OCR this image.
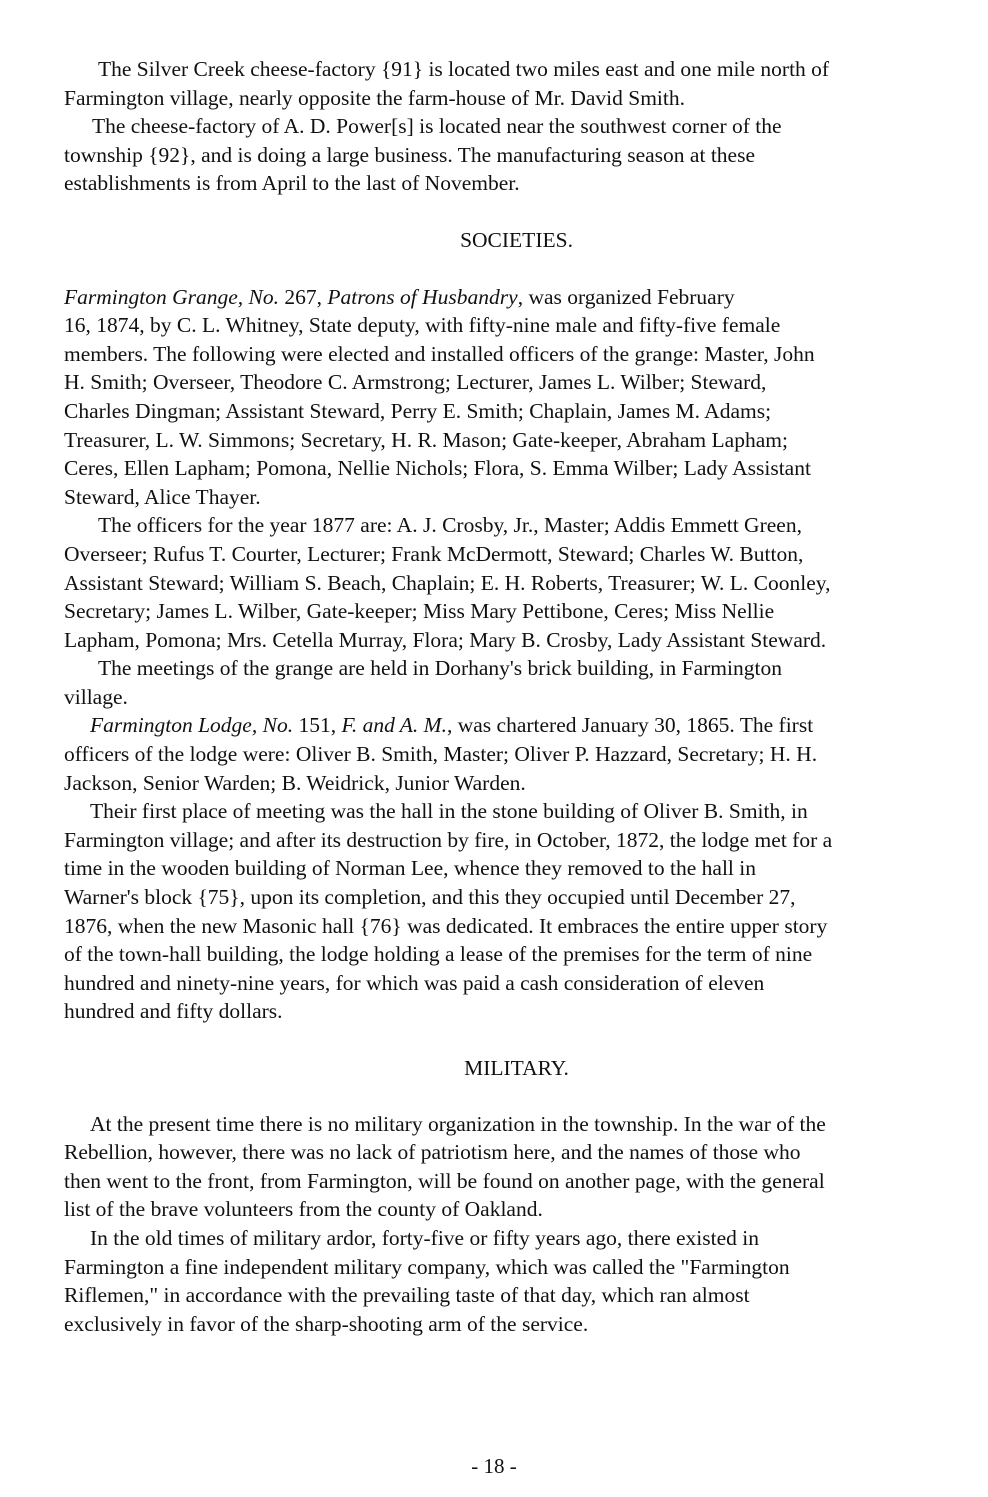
The Silver Creek cheese-factory {91} is located two miles east and one mile north of
Farmington village, nearly opposite the farm-house of Mr. David Smith.
The cheese-factory of A. D. Power[s] is located near the southwest corner of the
township {92}, and is doing a large business. The manufacturing season at these
establishments is from April to the last of November.
SOCIETIES.
Farmington Grange, No. 267, Patrons of Husbandry, was organized February
16, 1874, by C. L. Whitney, State deputy, with fifty-nine male and fifty-five female
members. The following were elected and installed officers of the grange: Master, John
H. Smith; Overseer, Theodore C. Armstrong; Lecturer, James L. Wilber; Steward,
Charles Dingman; Assistant Steward, Perry E. Smith; Chaplain, James M. Adams;
Treasurer, L. W. Simmons; Secretary, H. R. Mason; Gate-keeper, Abraham Lapham;
Ceres, Ellen Lapham; Pomona, Nellie Nichols; Flora, S. Emma Wilber; Lady Assistant
Steward, Alice Thayer.
The officers for the year 1877 are: A. J. Crosby, Jr., Master; Addis Emmett Green,
Overseer; Rufus T. Courter, Lecturer; Frank McDermott, Steward; Charles W. Button,
Assistant Steward; William S. Beach, Chaplain; E. H. Roberts, Treasurer; W. L. Coonley,
Secretary; James L. Wilber, Gate-keeper; Miss Mary Pettibone, Ceres; Miss Nellie
Lapham, Pomona; Mrs. Cetella Murray, Flora; Mary B. Crosby, Lady Assistant Steward.
The meetings of the grange are held in Dorhany's brick building, in Farmington
village.
Farmington Lodge, No. 151, F. and A. M., was chartered January 30, 1865. The first
officers of the lodge were: Oliver B. Smith, Master; Oliver P. Hazzard, Secretary; H. H.
Jackson, Senior Warden; B. Weidrick, Junior Warden.
Their first place of meeting was the hall in the stone building of Oliver B. Smith, in
Farmington village; and after its destruction by fire, in October, 1872, the lodge met for a
time in the wooden building of Norman Lee, whence they removed to the hall in
Warner's block {75}, upon its completion, and this they occupied until December 27,
1876, when the new Masonic hall {76} was dedicated. It embraces the entire upper story
of the town-hall building, the lodge holding a lease of the premises for the term of nine
hundred and ninety-nine years, for which was paid a cash consideration of eleven
hundred and fifty dollars.
MILITARY.
At the present time there is no military organization in the township. In the war of the
Rebellion, however, there was no lack of patriotism here, and the names of those who
then went to the front, from Farmington, will be found on another page, with the general
list of the brave volunteers from the county of Oakland.
In the old times of military ardor, forty-five or fifty years ago, there existed in
Farmington a fine independent military company, which was called the "Farmington
Riflemen," in accordance with the prevailing taste of that day, which ran almost
exclusively in favor of the sharp-shooting arm of the service.
- 18 -
